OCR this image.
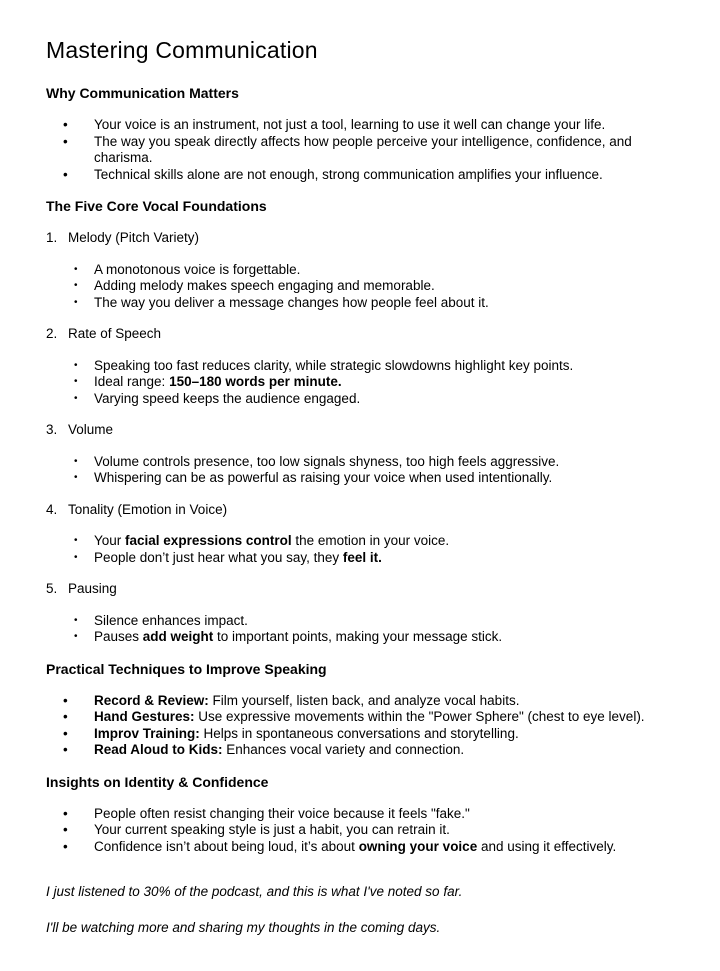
Mastering Communication
Why Communication Matters
•	Your voice is an instrument, not just a tool, learning to use it well can change your life.
•	The way you speak directly affects how people perceive your intelligence, confidence, and charisma.
•	Technical skills alone are not enough, strong communication amplifies your influence.
The Five Core Vocal Foundations
1. Melody (Pitch Variety)
•	A monotonous voice is forgettable.
•	Adding melody makes speech engaging and memorable.
•	The way you deliver a message changes how people feel about it.
2. Rate of Speech
•	Speaking too fast reduces clarity, while strategic slowdowns highlight key points.
•	Ideal range: 150–180 words per minute.
•	Varying speed keeps the audience engaged.
3. Volume
•	Volume controls presence, too low signals shyness, too high feels aggressive.
•	Whispering can be as powerful as raising your voice when used intentionally.
4. Tonality (Emotion in Voice)
•	Your facial expressions control the emotion in your voice.
•	People don’t just hear what you say, they feel it.
5. Pausing
•	Silence enhances impact.
•	Pauses add weight to important points, making your message stick.
Practical Techniques to Improve Speaking
•	Record & Review: Film yourself, listen back, and analyze vocal habits.
•	Hand Gestures: Use expressive movements within the "Power Sphere" (chest to eye level).
•	Improv Training: Helps in spontaneous conversations and storytelling.
•	Read Aloud to Kids: Enhances vocal variety and connection.
Insights on Identity & Confidence
•	People often resist changing their voice because it feels "fake."
•	Your current speaking style is just a habit, you can retrain it.
•	Confidence isn’t about being loud, it’s about owning your voice and using it effectively.
I just listened to 30% of the podcast, and this is what I've noted so far.
I'll be watching more and sharing my thoughts in the coming days.
